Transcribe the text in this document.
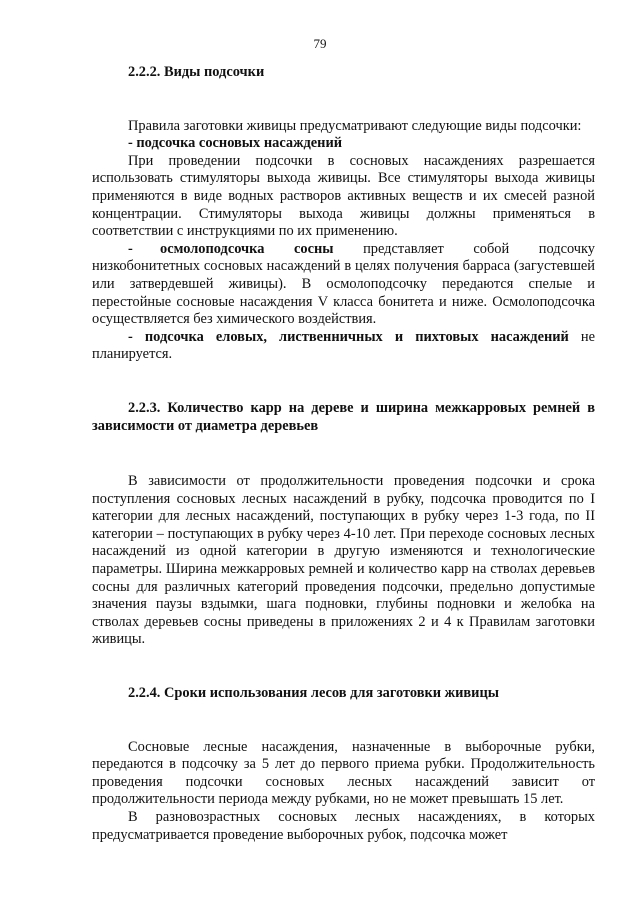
79

2.2.2. Виды подсочки

Правила заготовки живицы предусматривают следующие виды подсочки:

- подсочка сосновых насаждений

При проведении подсочки в сосновых насаждениях разрешается использовать стимуляторы выхода живицы. Все стимуляторы выхода живицы применяются в виде водных растворов активных веществ и их смесей разной концентрации. Стимуляторы выхода живицы должны применяться в соответствии с инструкциями по их применению.

- осмолоподсочка сосны представляет собой подсочку низкобонитетных сосновых насаждений в целях получения барраса (загустевшей или затвердевшей живицы). В осмолоподсочку передаются спелые и перестойные сосновые насаждения V класса бонитета и ниже. Осмолоподсочка осуществляется без химического воздействия.

- подсочка еловых, лиственничных и пихтовых насаждений не планируется.

2.2.3. Количество карр на дереве и ширина межкарровых ремней в зависимости от диаметра деревьев

В зависимости от продолжительности проведения подсочки и срока поступления сосновых лесных насаждений в рубку, подсочка проводится по I категории для лесных насаждений, поступающих в рубку через 1-3 года, по II категории – поступающих в рубку через 4-10 лет. При переходе сосновых лесных насаждений из одной категории в другую изменяются и технологические параметры. Ширина межкарровых ремней и количество карр на стволах деревьев сосны для различных категорий проведения подсочки, предельно допустимые значения паузы вздымки, шага подновки, глубины подновки и желобка на стволах деревьев сосны приведены в приложениях 2 и 4 к Правилам заготовки живицы.

2.2.4. Сроки использования лесов для заготовки живицы

Сосновые лесные насаждения, назначенные в выборочные рубки, передаются в подсочку за 5 лет до первого приема рубки. Продолжительность проведения подсочки сосновых лесных насаждений зависит от продолжительности периода между рубками, но не может превышать 15 лет.

В разновозрастных сосновых лесных насаждениях, в которых предусматривается проведение выборочных рубок, подсочка может
